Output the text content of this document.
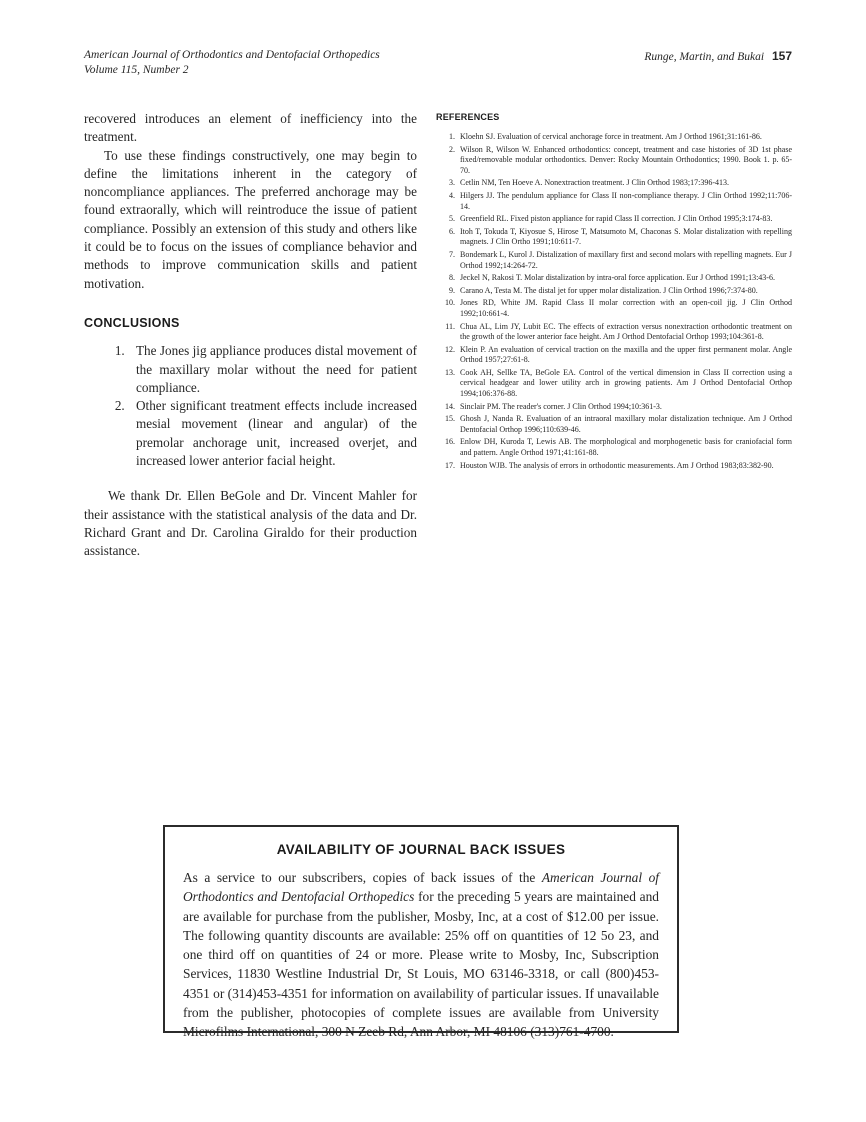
American Journal of Orthodontics and Dentofacial Orthopedics
Volume 115, Number 2
Runge, Martin, and Bukai 157

recovered introduces an element of inefficiency into the treatment.

To use these findings constructively, one may begin to define the limitations inherent in the category of noncompliance appliances. The preferred anchorage may be found extraorally, which will reintroduce the issue of patient compliance. Possibly an extension of this study and others like it could be to focus on the issues of compliance behavior and methods to improve communication skills and patient motivation.

CONCLUSIONS
1. The Jones jig appliance produces distal movement of the maxillary molar without the need for patient compliance.
2. Other significant treatment effects include increased mesial movement (linear and angular) of the premolar anchorage unit, increased overjet, and increased lower anterior facial height.

We thank Dr. Ellen BeGole and Dr. Vincent Mahler for their assistance with the statistical analysis of the data and Dr. Richard Grant and Dr. Carolina Giraldo for their production assistance.

REFERENCES
1. Kloehn SJ. Evaluation of cervical anchorage force in treatment. Am J Orthod 1961;31:161-86.
2. Wilson R, Wilson W. Enhanced orthodontics: concept, treatment and case histories of 3D 1st phase fixed/removable modular orthodontics. Denver: Rocky Mountain Orthodontics; 1990. Book 1. p. 65-70.
3. Cetlin NM, Ten Hoeve A. Nonextraction treatment. J Clin Orthod 1983;17:396-413.
4. Hilgers JJ. The pendulum appliance for Class II non-compliance therapy. J Clin Orthod 1992;11:706-14.
5. Greenfield RL. Fixed piston appliance for rapid Class II correction. J Clin Orthod 1995;3:174-83.
6. Itoh T, Tokuda T, Kiyosue S, Hirose T, Matsumoto M, Chaconas S. Molar distalization with repelling magnets. J Clin Ortho 1991;10:611-7.
7. Bondemark L, Kurol J. Distalization of maxillary first and second molars with repelling magnets. Eur J Orthod 1992;14:264-72.
8. Jeckel N, Rakosi T. Molar distalization by intra-oral force application. Eur J Orthod 1991;13:43-6.
9. Carano A, Testa M. The distal jet for upper molar distalization. J Clin Orthod 1996;7:374-80.
10. Jones RD, White JM. Rapid Class II molar correction with an open-coil jig. J Clin Orthod 1992;10:661-4.
11. Chua AL, Lim JY, Lubit EC. The effects of extraction versus nonextraction orthodontic treatment on the growth of the lower anterior face height. Am J Orthod Dentofacial Orthop 1993;104:361-8.
12. Klein P. An evaluation of cervical traction on the maxilla and the upper first permanent molar. Angle Orthod 1957;27:61-8.
13. Cook AH, Sellke TA, BeGole EA. Control of the vertical dimension in Class II correction using a cervical headgear and lower utility arch in growing patients. Am J Orthod Dentofacial Orthop 1994;106:376-88.
14. Sinclair PM. The reader's corner. J Clin Orthod 1994;10:361-3.
15. Ghosh J, Nanda R. Evaluation of an intraoral maxillary molar distalization technique. Am J Orthod Dentofacial Orthop 1996;110:639-46.
16. Enlow DH, Kuroda T, Lewis AB. The morphological and morphogenetic basis for craniofacial form and pattern. Angle Orthod 1971;41:161-88.
17. Houston WJB. The analysis of errors in orthodontic measurements. Am J Orthod 1983;83:382-90.
AVAILABILITY OF JOURNAL BACK ISSUES

As a service to our subscribers, copies of back issues of the American Journal of Orthodontics and Dentofacial Orthopedics for the preceding 5 years are maintained and are available for purchase from the publisher, Mosby, Inc, at a cost of $12.00 per issue. The following quantity discounts are available: 25% off on quantities of 12 5o 23, and one third off on quantities of 24 or more. Please write to Mosby, Inc, Subscription Services, 11830 Westline Industrial Dr, St Louis, MO 63146-3318, or call (800)453-4351 or (314)453-4351 for information on availability of particular issues. If unavailable from the publisher, photocopies of complete issues are available from University Microfilms International, 300 N Zeeb Rd, Ann Arbor, MI 48106 (313)761-4700.
